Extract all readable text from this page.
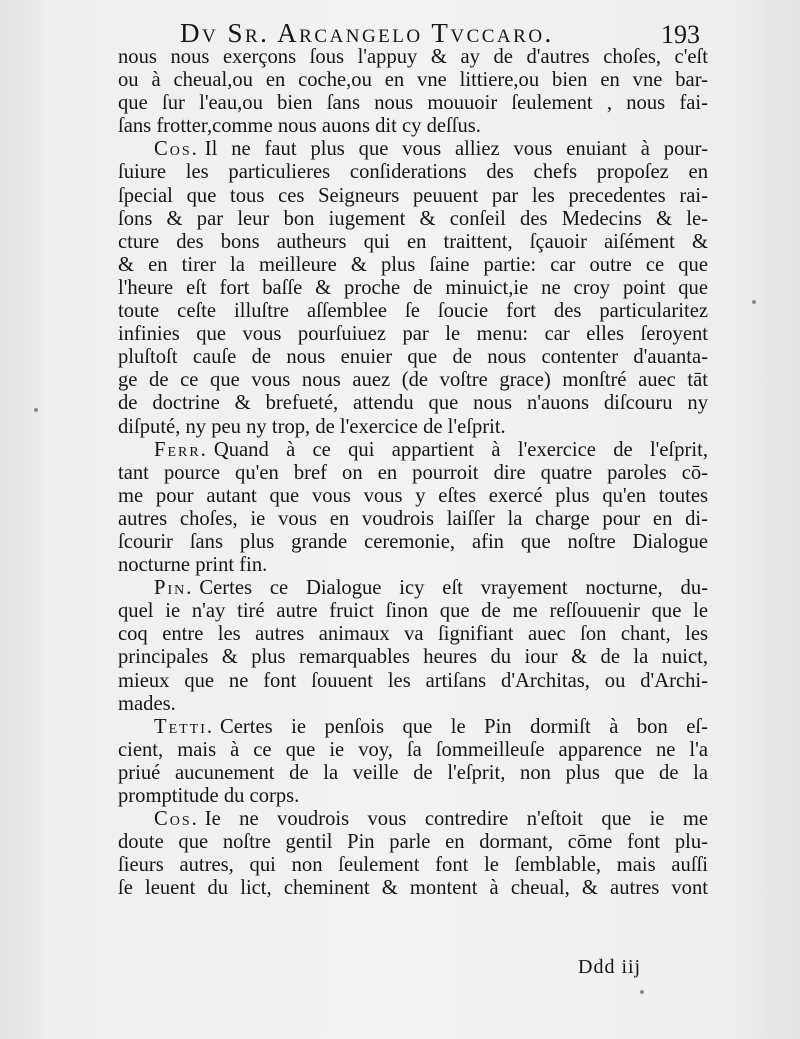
Dv Sr. Arcangelo Tvccaro.	193
nous nous exerçons ſous l'appuy & ay de d'autres choſes, c'eſt
ou à cheual,ou en coche,ou en vne littiere,ou bien en vne bar-
que ſur l'eau,ou bien ſans nous mouuoir ſeulement , nous fai-
ſans frotter,comme nous auons dit cy deſſus.
Cos. Il ne faut plus que vous alliez vous enuiant à pour-
ſuiure les particulieres conſiderations des chefs propoſez en
ſpecial que tous ces Seigneurs peuuent par les precedentes rai-
ſons & par leur bon iugement & conſeil des Medecins & le-
cture des bons autheurs qui en traittent, ſçauoir aiſément &
& en tirer la meilleure & plus ſaine partie: car outre ce que
l'heure eſt fort baſſe & proche de minuict,ie ne croy point que
toute ceſte illuſtre aſſemblee ſe ſoucie fort des particularitez
infinies que vous pourſuiuez par le menu: car elles ſeroyent
pluſtoſt cauſe de nous enuier que de nous contenter d'auanta-
ge de ce que vous nous auez (de voſtre grace) monſtré auec tāt
de doctrine & brefueté, attendu que nous n'auons diſcouru ny
diſputé, ny peu ny trop, de l'exercice de l'eſprit.
Ferr. Quand à ce qui appartient à l'exercice de l'eſprit,
tant pource qu'en bref on en pourroit dire quatre paroles cō-
me pour autant que vous vous y eſtes exercé plus qu'en toutes
autres choſes, ie vous en voudrois laiſſer la charge pour en di-
ſcourir ſans plus grande ceremonie, afin que noſtre Dialogue
nocturne print fin.
Pin. Certes ce Dialogue icy eſt vrayement nocturne, du-
quel ie n'ay tiré autre fruict ſinon que de me reſſouuenir que le
coq entre les autres animaux va ſignifiant auec ſon chant, les
principales & plus remarquables heures du iour & de la nuict,
mieux que ne font ſouuent les artiſans d'Architas, ou d'Archi-
mades.
Tetti. Certes ie penſois que le Pin dormiſt à bon eſ-
cient, mais à ce que ie voy, ſa ſommeilleuſe apparence ne l'a
priué aucunement de la veille de l'eſprit, non plus que de la
promptitude du corps.
Cos. Ie ne voudrois vous contredire n'eſtoit que ie me
doute que noſtre gentil Pin parle en dormant, cōme font plu-
ſieurs autres, qui non ſeulement font le ſemblable, mais auſſi
ſe leuent du lict, cheminent & montent à cheual, & autres vont
Ddd iij
